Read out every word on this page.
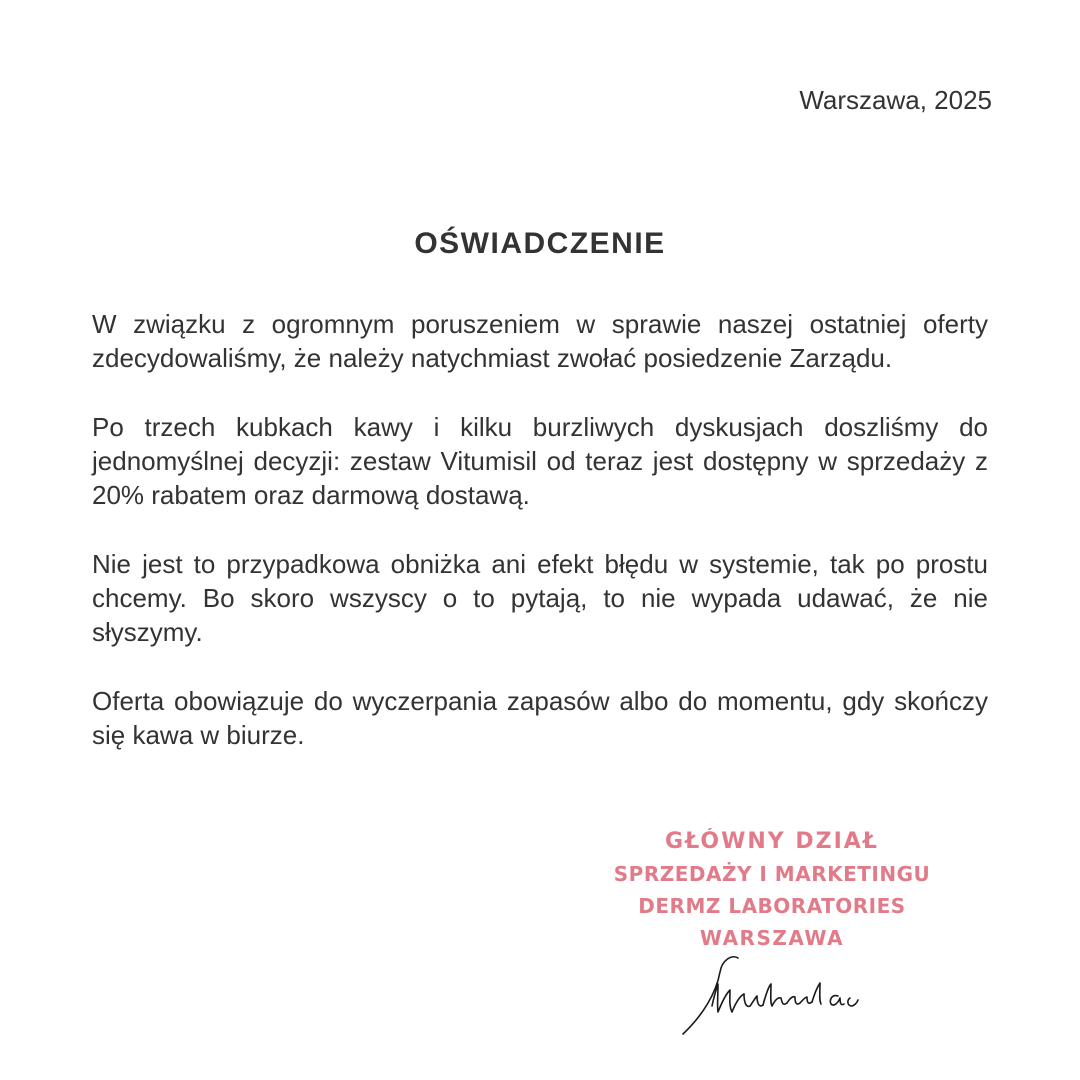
Warszawa, 2025
OŚWIADCZENIE

W związku z ogromnym poruszeniem w sprawie naszej ostatniej oferty zdecydowaliśmy, że należy natychmiast zwołać posiedzenie Zarządu.

Po trzech kubkach kawy i kilku burzliwych dyskusjach doszliśmy do jednomyślnej decyzji: zestaw Vitumisil od teraz jest dostępny w sprzedaży z 20% rabatem oraz darmową dostawą.

Nie jest to przypadkowa obniżka ani efekt błędu w systemie, tak po prostu chcemy. Bo skoro wszyscy o to pytają, to nie wypada udawać, że nie słyszymy.

Oferta obowiązuje do wyczerpania zapasów albo do momentu, gdy skończy się kawa w biurze.

GŁÓWNY DZIAŁ
SPRZEDAŻY I MARKETINGU
DERMZ LABORATORIES
WARSZAWA
